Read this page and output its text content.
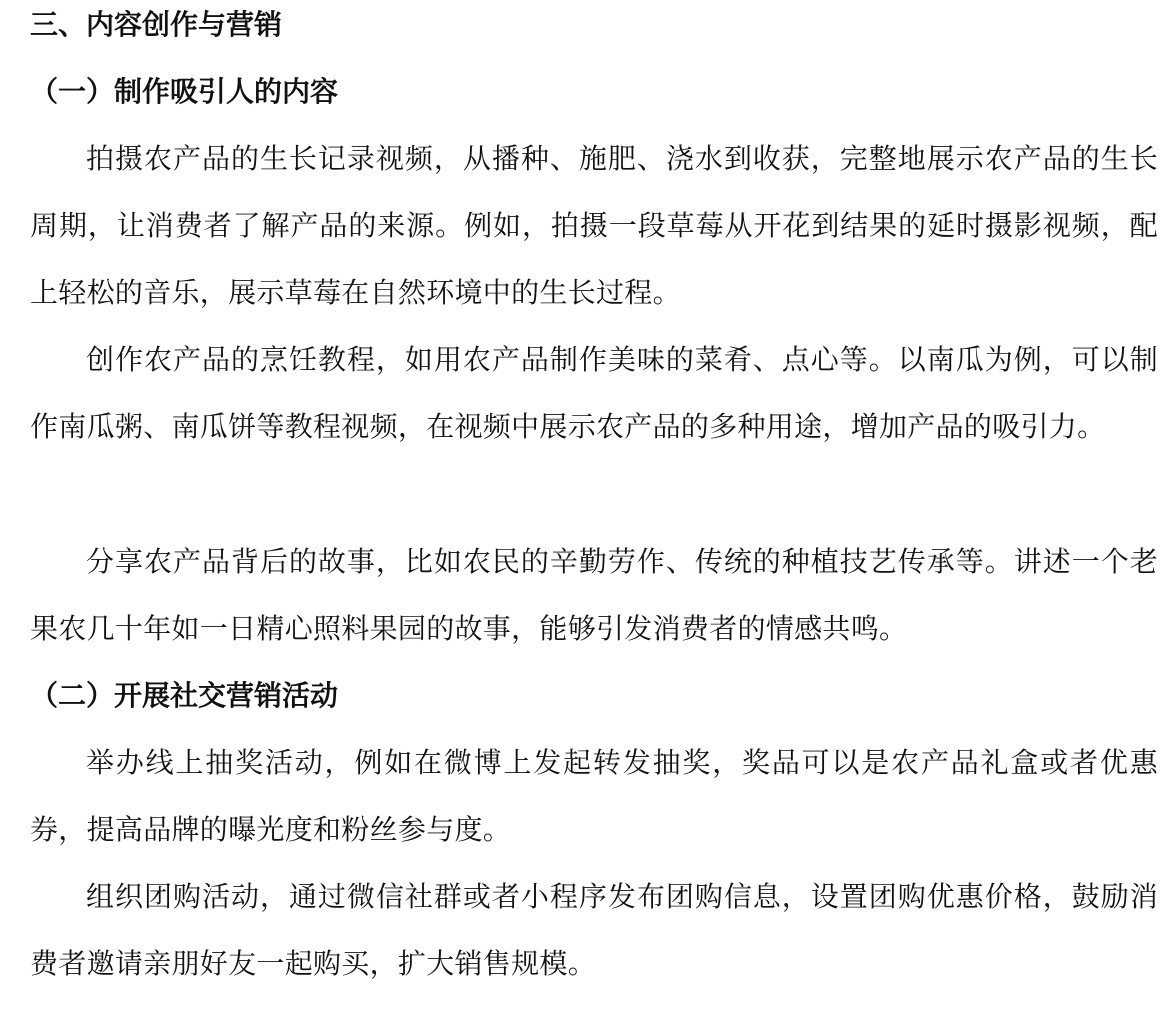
三、内容创作与营销
（一）制作吸引人的内容

拍摄农产品的生长记录视频，从播种、施肥、浇水到收获，完整地展示农产品的生长周期，让消费者了解产品的来源。例如，拍摄一段草莓从开花到结果的延时摄影视频，配上轻松的音乐，展示草莓在自然环境中的生长过程。

创作农产品的烹饪教程，如用农产品制作美味的菜肴、点心等。以南瓜为例，可以制作南瓜粥、南瓜饼等教程视频，在视频中展示农产品的多种用途，增加产品的吸引力。

分享农产品背后的故事，比如农民的辛勤劳作、传统的种植技艺传承等。讲述一个老果农几十年如一日精心照料果园的故事，能够引发消费者的情感共鸣。

（二）开展社交营销活动

举办线上抽奖活动，例如在微博上发起转发抽奖，奖品可以是农产品礼盒或者优惠券，提高品牌的曝光度和粉丝参与度。

组织团购活动，通过微信社群或者小程序发布团购信息，设置团购优惠价格，鼓励消费者邀请亲朋好友一起购买，扩大销售规模。
